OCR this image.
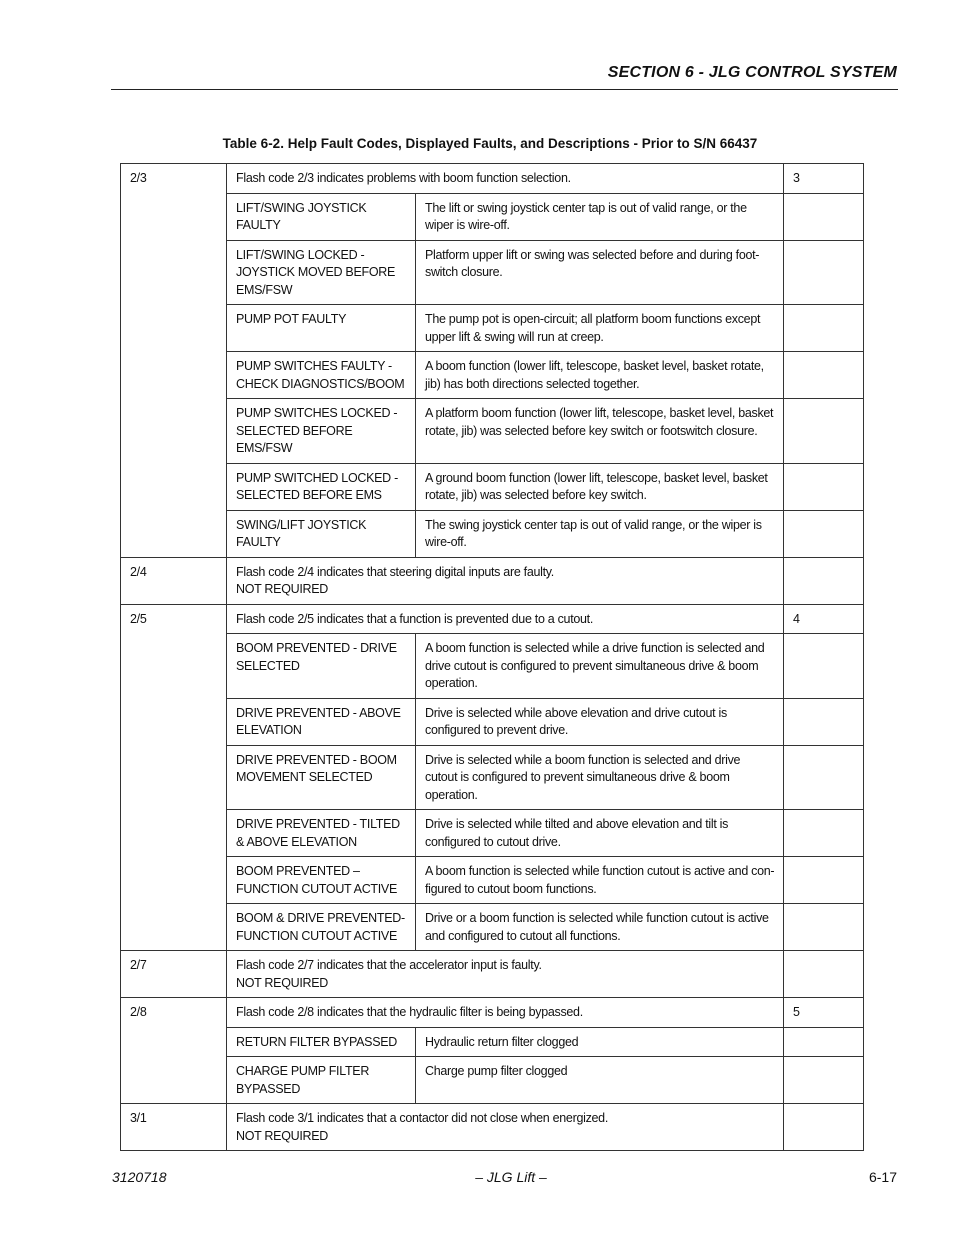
SECTION 6 - JLG CONTROL SYSTEM
Table 6-2. Help Fault Codes, Displayed Faults, and Descriptions - Prior to S/N 66437
2/3	Flash code 2/3 indicates problems with boom function selection.		3
	LIFT/SWING JOYSTICK FAULTY	The lift or swing joystick center tap is out of valid range, or the wiper is wire-off.	
	LIFT/SWING LOCKED - JOYSTICK MOVED BEFORE EMS/FSW	Platform upper lift or swing was selected before and during foot-switch closure.	
	PUMP POT FAULTY	The pump pot is open-circuit; all platform boom functions except upper lift & swing will run at creep.	
	PUMP SWITCHES FAULTY - CHECK DIAGNOSTICS/BOOM	A boom function (lower lift, telescope, basket level, basket rotate, jib) has both directions selected together.	
	PUMP SWITCHES LOCKED - SELECTED BEFORE EMS/FSW	A platform boom function (lower lift, telescope, basket level, basket rotate, jib) was selected before key switch or footswitch closure.	
	PUMP SWITCHED LOCKED - SELECTED BEFORE EMS	A ground boom function (lower lift, telescope, basket level, basket rotate, jib) was selected before key switch.	
	SWING/LIFT JOYSTICK FAULTY	The swing joystick center tap is out of valid range, or the wiper is wire-off.	
2/4	Flash code 2/4 indicates that steering digital inputs are faulty.
NOT REQUIRED		
2/5	Flash code 2/5 indicates that a function is prevented due to a cutout.		4
	BOOM PREVENTED - DRIVE SELECTED	A boom function is selected while a drive function is selected and drive cutout is configured to prevent simultaneous drive & boom operation.	
	DRIVE PREVENTED - ABOVE ELEVATION	Drive is selected while above elevation and drive cutout is configured to prevent drive.	
	DRIVE PREVENTED - BOOM MOVEMENT SELECTED	Drive is selected while a boom function is selected and drive cutout is configured to prevent simultaneous drive & boom operation.	
	DRIVE PREVENTED - TILTED & ABOVE ELEVATION	Drive is selected while tilted and above elevation and tilt is configured to cutout drive.	
	BOOM PREVENTED – FUNCTION CUTOUT ACTIVE	A boom function is selected while function cutout is active and con-figured to cutout boom functions.	
	BOOM & DRIVE PREVENTED- FUNCTION CUTOUT ACTIVE	Drive or a boom function is selected while function cutout is active and configured to cutout all functions.	
2/7	Flash code 2/7 indicates that the accelerator input is faulty.
NOT REQUIRED		
2/8	Flash code 2/8 indicates that the hydraulic filter is being bypassed.		5
	RETURN FILTER BYPASSED	Hydraulic return filter clogged	
	CHARGE PUMP FILTER BYPASSED	Charge pump filter clogged	
3/1	Flash code 3/1 indicates that a contactor did not close when energized.
NOT REQUIRED		
3120718	– JLG Lift –	6-17
